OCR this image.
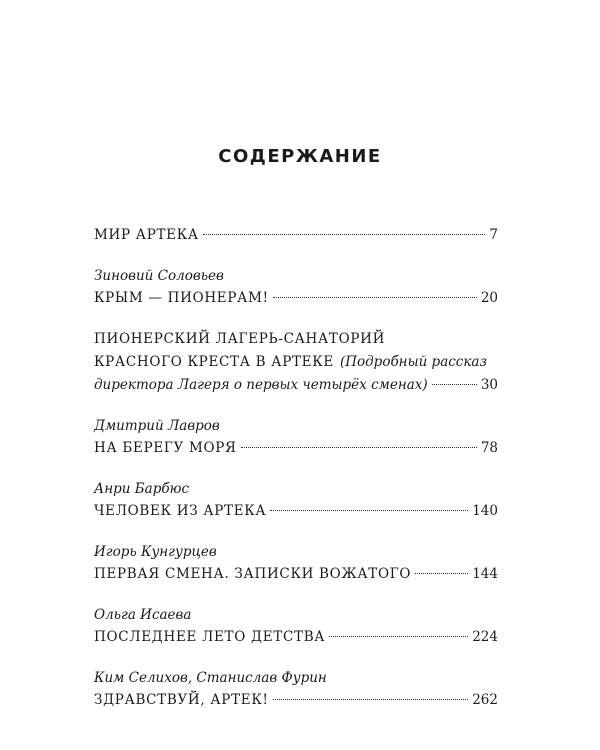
СОДЕРЖАНИЕ
МИР АРТЕКА	7
Зиновий Соловьев
КРЫМ — ПИОНЕРАМ!	20
ПИОНЕРСКИЙ ЛАГЕРЬ-САНАТОРИЙ
КРАСНОГО КРЕСТА В АРТЕКЕ (Подробный рассказ
директора Лагеря о первых четырёх сменах)	30
Дмитрий Лавров
НА БЕРЕГУ МОРЯ	78
Анри Барбюс
ЧЕЛОВЕК ИЗ АРТЕКА	140
Игорь Кунгурцев
ПЕРВАЯ СМЕНА. ЗАПИСКИ ВОЖАТОГО	144
Ольга Исаева
ПОСЛЕДНЕЕ ЛЕТО ДЕТСТВА	224
Ким Селихов, Станислав Фурин
ЗДРАВСТВУЙ, АРТЕК!	262
